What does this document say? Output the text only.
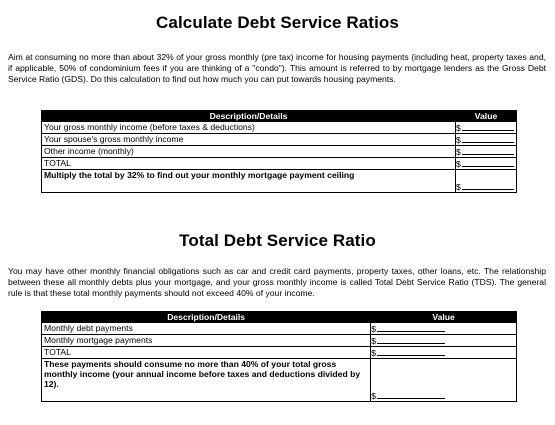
Calculate Debt Service Ratios
Aim at consuming no more than about 32% of your gross monthly (pre tax) income for housing payments (including heat, property taxes and, if applicable, 50% of condominium fees if you are thinking of a "condo"). This amount is referred to by mortgage lenders as the Gross Debt Service Ratio (GDS). Do this calculation to find out how much you can put towards housing payments.
Description/Details	Value
Your gross monthly income (before taxes & deductions)	$
Your spouse's gross monthly income	$
Other income (monthly)	$
TOTAL	$
Multiply the total by 32% to find out your monthly mortgage payment ceiling	$
Total Debt Service Ratio
You may have other monthly financial obligations such as car and credit card payments, property taxes, other loans, etc. The relationship between these all monthly debts plus your mortgage, and your gross monthly income is called Total Debt Service Ratio (TDS). The general rule is that these total monthly payments should not exceed 40% of your income.
Description/Details	Value
Monthly debt payments	$
Monthly mortgage payments	$
TOTAL	$
These payments should consume no more than 40% of your total gross monthly income (your annual income before taxes and deductions divided by 12).	$
